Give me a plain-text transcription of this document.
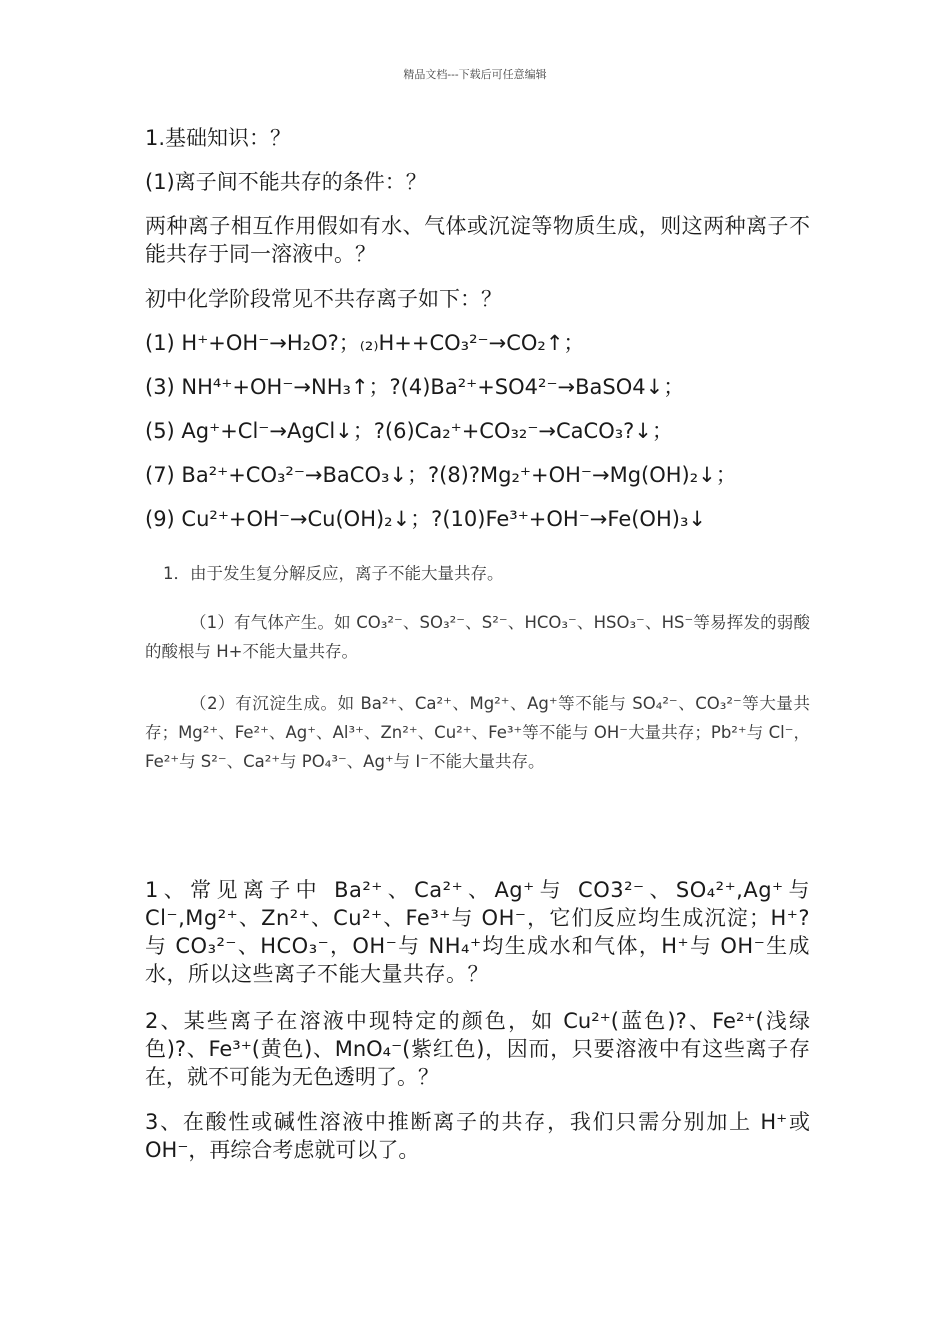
精品文档---下载后可任意编辑

1.基础知识：？

(1)离子间不能共存的条件：？

两种离子相互作用假如有水、气体或沉淀等物质生成，则这两种离子不能共存于同一溶液中。？

初中化学阶段常见不共存离子如下：？

(1) H⁺+OH⁻→H₂O?；₍₂₎H++CO₃²⁻→CO₂↑；

(3) NH⁴⁺+OH⁻→NH₃↑；?(4)Ba²⁺+SO4²⁻→BaSO4↓；

(5) Ag⁺+Cl⁻→AgCl↓；?(6)Ca₂⁺+CO₃₂⁻→CaCO₃?↓；

(7) Ba²⁺+CO₃²⁻→BaCO₃↓；?(8)?Mg₂⁺+OH⁻→Mg(OH)₂↓；

(9) Cu²⁺+OH⁻→Cu(OH)₂↓；?(10)Fe³⁺+OH⁻→Fe(OH)₃↓

1．由于发生复分解反应，离子不能大量共存。

（1）有气体产生。如 CO₃²⁻、SO₃²⁻、S²⁻、HCO₃⁻、HSO₃⁻、HS⁻等易挥发的弱酸的酸根与 H+不能大量共存。

（2）有沉淀生成。如 Ba²⁺、Ca²⁺、Mg²⁺、Ag⁺等不能与 SO₄²⁻、CO₃²⁻等大量共存；Mg²⁺、Fe²⁺、Ag⁺、Al³⁺、Zn²⁺、Cu²⁺、Fe³⁺等不能与 OH⁻大量共存；Pb²⁺与 Cl⁻，Fe²⁺与 S²⁻、Ca²⁺与 PO₄³⁻、Ag⁺与 I⁻不能大量共存。

1、常见离子中 Ba²⁺、Ca²⁺、Ag⁺与 CO3²⁻、SO₄²⁺,Ag⁺与 Cl⁻,Mg²⁺、Zn²⁺、Cu²⁺、Fe³⁺与 OH⁻，它们反应均生成沉淀；H⁺?与 CO₃²⁻、HCO₃⁻，OH⁻与 NH₄⁺均生成水和气体，H⁺与 OH⁻生成水，所以这些离子不能大量共存。？

2、某些离子在溶液中现特定的颜色，如 Cu²⁺(蓝色)?、Fe²⁺(浅绿色)?、Fe³⁺(黄色)、MnO₄⁻(紫红色)，因而，只要溶液中有这些离子存在，就不可能为无色透明了。？

3、在酸性或碱性溶液中推断离子的共存，我们只需分别加上 H⁺或 OH⁻，再综合考虑就可以了。
